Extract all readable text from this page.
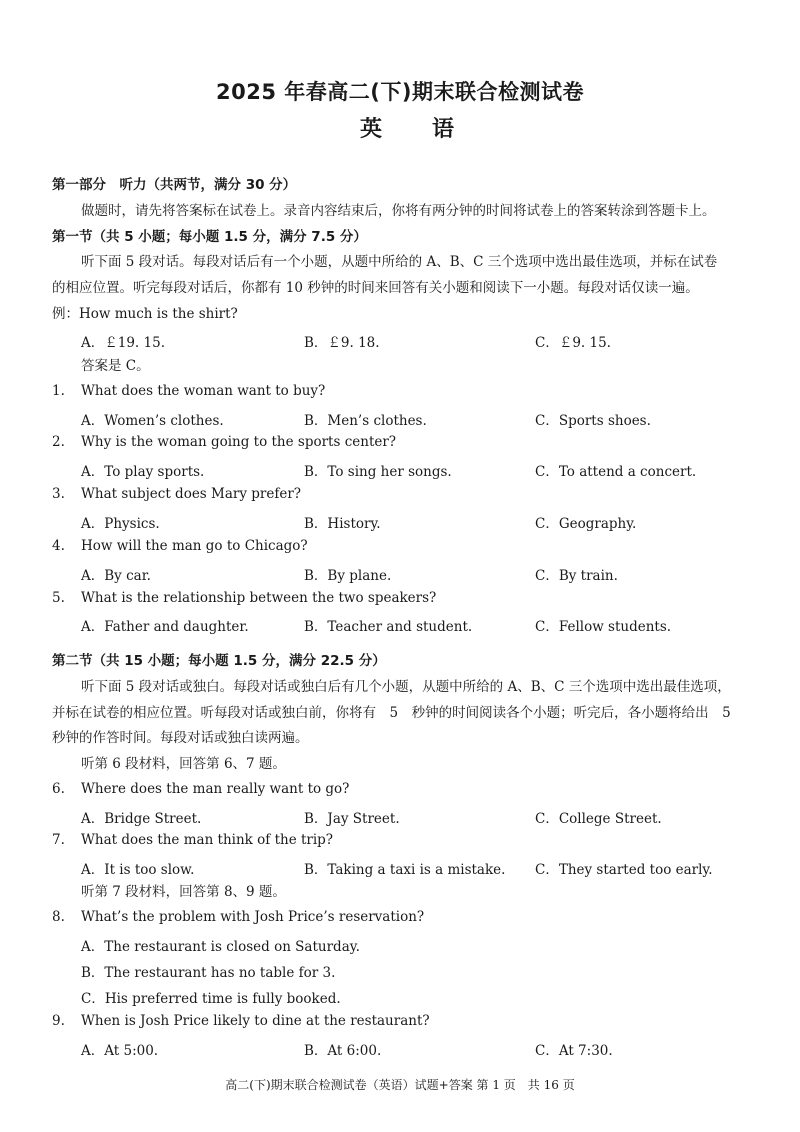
2025 年春高二(下)期末联合检测试卷
英　语
第一部分　听力（共两节，满分 30 分）
做题时，请先将答案标在试卷上。录音内容结束后，你将有两分钟的时间将试卷上的答案转涂到答题卡上。
第一节（共 5 小题；每小题 1.5 分，满分 7.5 分）
听下面 5 段对话。每段对话后有一个小题，从题中所给的 A、B、C 三个选项中选出最佳选项，并标在试卷
的相应位置。听完每段对话后，你都有 10 秒钟的时间来回答有关小题和阅读下一小题。每段对话仅读一遍。
例：How much is the shirt?
A．￡19. 15.	B．￡9. 18.	C．￡9. 15.
答案是 C。
1. What does the woman want to buy?
A．Women’s clothes.	B．Men’s clothes.	C．Sports shoes.
2. Why is the woman going to the sports center?
A．To play sports.	B．To sing her songs.	C．To attend a concert.
3. What subject does Mary prefer?
A．Physics.	B．History.	C．Geography.
4. How will the man go to Chicago?
A．By car.	B．By plane.	C．By train.
5. What is the relationship between the two speakers?
A．Father and daughter.	B．Teacher and student.	C．Fellow students.
第二节（共 15 小题；每小题 1.5 分，满分 22.5 分）
听下面 5 段对话或独白。每段对话或独白后有几个小题，从题中所给的 A、B、C 三个选项中选出最佳选项，
并标在试卷的相应位置。听每段对话或独白前，你将有　5　秒钟的时间阅读各个小题；听完后，各小题将给出　5
秒钟的作答时间。每段对话或独白读两遍。
听第 6 段材料，回答第 6、7 题。
6. Where does the man really want to go?
A．Bridge Street.	B．Jay Street.	C．College Street.
7. What does the man think of the trip?
A．It is too slow.	B．Taking a taxi is a mistake. C．They started too early.
听第 7 段材料，回答第 8、9 题。
8. What’s the problem with Josh Price’s reservation?
A．The restaurant is closed on Saturday.
B．The restaurant has no table for 3.
C．His preferred time is fully booked.
9. When is Josh Price likely to dine at the restaurant?
A．At 5:00.	B．At 6:00.	C．At 7:30.
高二(下)期末联合检测试卷（英语）试题+答案 第 1 页　共 16 页
